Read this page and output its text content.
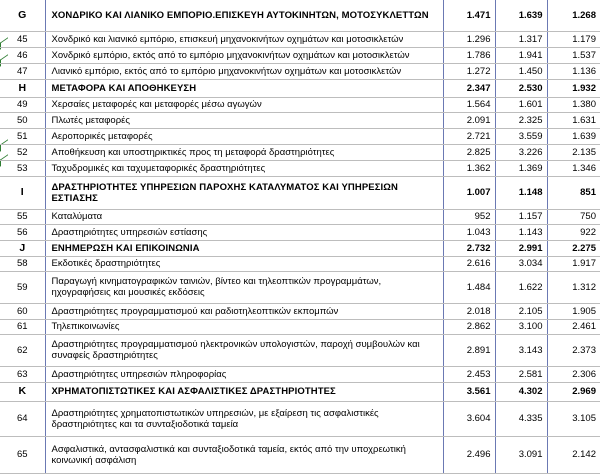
G	ΧΟΝΔΡΙΚΟ ΚΑΙ ΛΙΑΝΙΚΟ ΕΜΠΟΡΙΟ.ΕΠΙΣΚΕΥΗ ΑΥΤΟΚΙΝΗΤΩΝ, ΜΟΤΟΣΥΚΛΕΤΤΩΝ	1.471	1.639	1.268
45	Χονδρικό και λιανικό εμπόριο, επισκευή μηχανοκινήτων οχημάτων και μοτοσικλετών	1.296	1.317	1.179
46	Χονδρικό εμπόριο, εκτός από το εμπόριο μηχανοκινήτων οχημάτων και μοτοσικλετών	1.786	1.941	1.537
47	Λιανικό εμπόριο, εκτός από το εμπόριο μηχανοκινήτων οχημάτων και μοτοσικλετών	1.272	1.450	1.136
H	ΜΕΤΑΦΟΡΑ ΚΑΙ ΑΠΟΘΗΚΕΥΣΗ	2.347	2.530	1.932
49	Χερσαίες μεταφορές και μεταφορές μέσω αγωγών	1.564	1.601	1.380
50	Πλωτές μεταφορές	2.091	2.325	1.631
51	Αεροπορικές μεταφορές	2.721	3.559	1.639
52	Αποθήκευση και υποστηρικτικές προς τη μεταφορά δραστηριότητες	2.825	3.226	2.135
53	Ταχυδρομικές και ταχυμεταφορικές δραστηριότητες	1.362	1.369	1.346
I	ΔΡΑΣΤΗΡΙΟΤΗΤΕΣ ΥΠΗΡΕΣΙΩΝ ΠΑΡΟΧΗΣ ΚΑΤΑΛΥΜΑΤΟΣ ΚΑΙ ΥΠΗΡΕΣΙΩΝ ΕΣΤΙΑΣΗΣ	1.007	1.148	851
55	Καταλύματα	952	1.157	750
56	Δραστηριότητες υπηρεσιών εστίασης	1.043	1.143	922
J	ΕΝΗΜΕΡΩΣΗ ΚΑΙ ΕΠΙΚΟΙΝΩΝΙΑ	2.732	2.991	2.275
58	Εκδοτικές δραστηριότητες	2.616	3.034	1.917
59	Παραγωγή κινηματογραφικών ταινιών, βίντεο και τηλεοπτικών προγραμμάτων, ηχογραφήσεις και μουσικές εκδόσεις	1.484	1.622	1.312
60	Δραστηριότητες προγραμματισμού και ραδιοτηλεοπτικών εκπομπών	2.018	2.105	1.905
61	Τηλεπικοινωνίες	2.862	3.100	2.461
62	Δραστηριότητες προγραμματισμού ηλεκτρονικών υπολογιστών, παροχή συμβουλών και συναφείς δραστηριότητες	2.891	3.143	2.373
63	Δραστηριότητες υπηρεσιών πληροφορίας	2.453	2.581	2.306
K	ΧΡΗΜΑΤΟΠΙΣΤΩΤΙΚΕΣ ΚΑΙ ΑΣΦΑΛΙΣΤΙΚΕΣ ΔΡΑΣΤΗΡΙΟΤΗΤΕΣ	3.561	4.302	2.969
64	Δραστηριότητες χρηματοπιστωτικών υπηρεσιών, με εξαίρεση τις ασφαλιστικές δραστηριότητες και τα συνταξιοδοτικά ταμεία	3.604	4.335	3.105
65	Ασφαλιστικά, αντασφαλιστικά και συνταξιοδοτικά ταμεία, εκτός από την υποχρεωτική κοινωνική ασφάλιση	2.496	3.091	2.142
